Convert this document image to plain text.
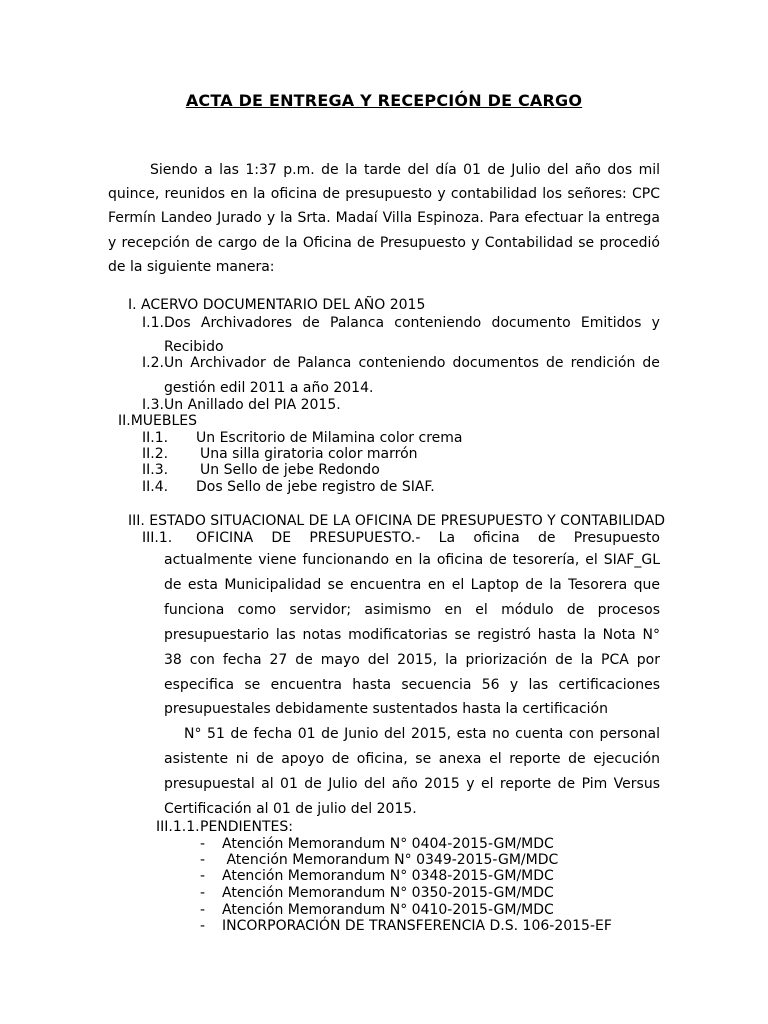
ACTA DE ENTREGA Y RECEPCIÓN DE CARGO

Siendo a las 1:37 p.m. de la tarde del día 01 de Julio del año dos mil quince, reunidos en la oficina de presupuesto y contabilidad los señores: CPC Fermín Landeo Jurado y la Srta. Madaí Villa Espinoza. Para efectuar la entrega y recepción de cargo de la Oficina de Presupuesto y Contabilidad se procedió de la siguiente manera:

I. ACERVO DOCUMENTARIO DEL AÑO 2015
I.1. Dos Archivadores de Palanca conteniendo documento Emitidos y
Recibido
I.2. Un Archivador de Palanca conteniendo documentos de rendición de
gestión edil 2011 a año 2014.
I.3. Un Anillado del PIA 2015.
II.MUEBLES
II.1. Un Escritorio de Milamina color crema
II.2. Una silla giratoria color marrón
II.3. Un Sello de jebe Redondo
II.4. Dos Sello de jebe registro de SIAF.
III. ESTADO SITUACIONAL DE LA OFICINA DE PRESUPUESTO Y CONTABILIDAD
III.1. OFICINA DE PRESUPUESTO.- La oficina de Presupuesto

actualmente viene funcionando en la oficina de tesorería, el SIAF_GL de esta Municipalidad se encuentra en el Laptop de la Tesorera que funciona como servidor; asimismo en el módulo de procesos presupuestario las notas modificatorias se registró hasta la Nota N° 38 con fecha 27 de mayo del 2015, la priorización de la PCA por especifica se encuentra hasta secuencia 56 y las certificaciones presupuestales debidamente sustentados hasta la certificación
N° 51 de fecha 01 de Junio del 2015, esta no cuenta con personal asistente ni de apoyo de oficina, se anexa el reporte de ejecución presupuestal al 01 de Julio del año 2015 y el reporte de Pim Versus Certificación al 01 de julio del 2015.

III.1.1. PENDIENTES:
- Atención Memorandum N° 0404-2015-GM/MDC
- Atención Memorandum N° 0349-2015-GM/MDC
- Atención Memorandum N° 0348-2015-GM/MDC
- Atención Memorandum N° 0350-2015-GM/MDC
- Atención Memorandum N° 0410-2015-GM/MDC
- INCORPORACIÓN DE TRANSFERENCIA D.S. 106-2015-EF
